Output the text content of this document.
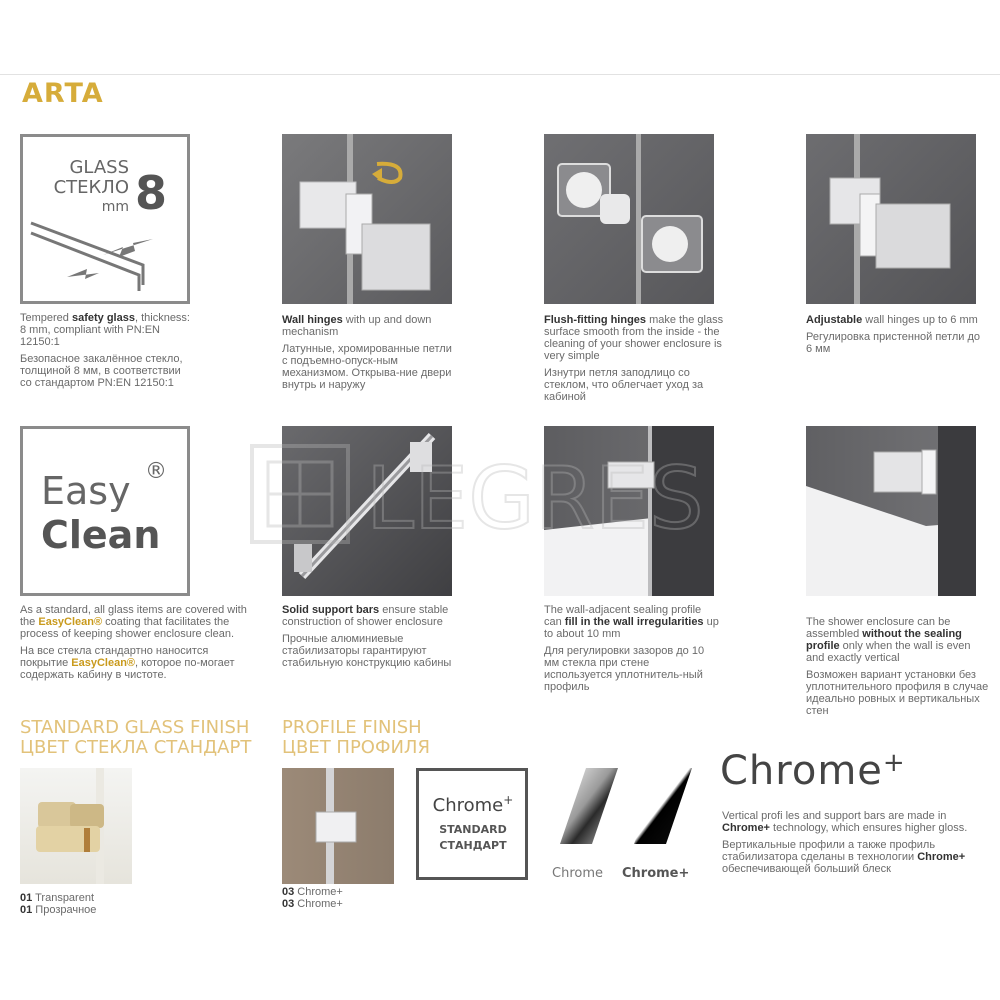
ARTA
GLASS
СТЕКЛО
mm 8
Tempered safety glass, thickness: 8 mm, compliant with PN:EN 12150:1
Безопасное закалённое стекло, толщиной 8 мм, в соответствии со стандартом PN:EN 12150:1
Wall hinges with up and down mechanism
Латунные, хромированные петли с подъемно-опуск-ным механизмом. Открыва-ние двери внутрь и наружу
Flush-fitting hinges make the glass surface smooth from the inside - the cleaning of your shower enclosure is very simple
Изнутри петля заподлицо со стеклом, что облегчает уход за кабиной
Adjustable wall hinges up to 6 mm
Регулировка пристенной петли до 6 мм
Easy ®
Clean
As a standard, all glass items are covered with the EasyClean® coating that facilitates the process of keeping shower enclosure clean.
На все стекла стандартно наносится покрытие EasyClean®, которое по-могает содержать кабину в чистоте.
Solid support bars ensure stable construction of shower enclosure
Прочные алюминиевые стабилизаторы гарантируют стабильную конструкцию кабины
The wall-adjacent sealing profile can fill in the wall irregularities up to about 10 mm
Для регулировки зазоров до 10 мм стекла при стене используется уплотнитель-ный профиль
The shower enclosure can be assembled without the sealing profile only when the wall is even and exactly vertical
Возможен вариант установки без уплотнительного профиля в случае идеально ровных и вертикальных стен
LEGRES
STANDARD GLASS FINISH
ЦВЕТ СТЕКЛА СТАНДАРТ
01 Transparent
01 Прозрачное
PROFILE FINISH
ЦВЕТ ПРОФИЛЯ
03 Chrome+
03 Chrome+
Chrome+
STANDARD
СТАНДАРТ
Chrome Chrome+
Chrome+
Vertical profi les and support bars are made in Chrome+ technology, which ensures higher gloss.
Вертикальные профили а также профиль стабилизатора сделаны в технологии Chrome+ обеспечивающей больший блеск
